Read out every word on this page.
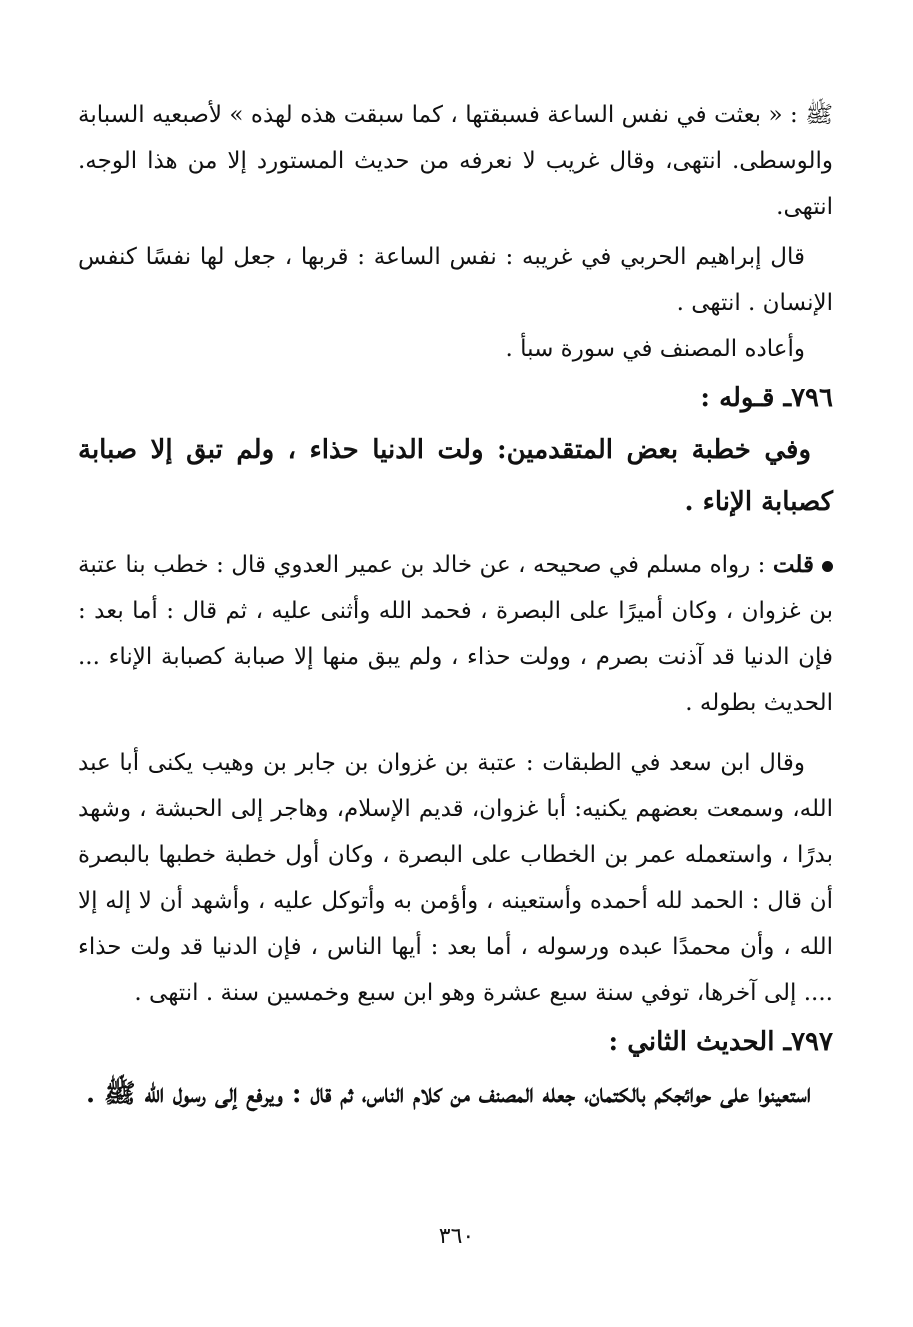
ﷺ : « بعثت في نفس الساعة فسبقتها ، كما سبقت هذه لهذه » لأصبعيه السبابة والوسطى. انتهى، وقال غريب لا نعرفه من حديث المستورد إلا من هذا الوجه. انتهى.

قال إبراهيم الحربي في غريبه : نفس الساعة : قربها ، جعل لها نفسًا كنفس الإنسان . انتهى .

وأعاده المصنف في سورة سبأ .

٧٩٦ـ قـوله :

وفي خطبة بعض المتقدمين: ولت الدنيا حذاء ، ولم تبق إلا صبابة كصبابة الإناء .

قلت : رواه مسلم في صحيحه ، عن خالد بن عمير العدوي قال : خطب بنا عتبة بن غزوان ، وكان أميرًا على البصرة ، فحمد الله وأثنى عليه ، ثم قال : أما بعد : فإن الدنيا قد آذنت بصرم ، وولت حذاء ، ولم يبق منها إلا صبابة كصبابة الإناء ... الحديث بطوله .

وقال ابن سعد في الطبقات : عتبة بن غزوان بن جابر بن وهيب يكنى أبا عبد الله، وسمعت بعضهم يكنيه: أبا غزوان، قديم الإسلام، وهاجر إلى الحبشة ، وشهد بدرًا ، واستعمله عمر بن الخطاب على البصرة ، وكان أول خطبة خطبها بالبصرة أن قال : الحمد لله أحمده وأستعينه ، وأؤمن به وأتوكل عليه ، وأشهد أن لا إله إلا الله ، وأن محمدًا عبده ورسوله ، أما بعد : أيها الناس ، فإن الدنيا قد ولت حذاء .... إلى آخرها، توفي سنة سبع عشرة وهو ابن سبع وخمسين سنة . انتهى .

٧٩٧ـ الحديث الثاني :

استعينوا على حوائجكم بالكتمان، جعله المصنف من كلام الناس، ثم قال : ويرفع إلى رسول الله ﷺ .

٣٦٠
